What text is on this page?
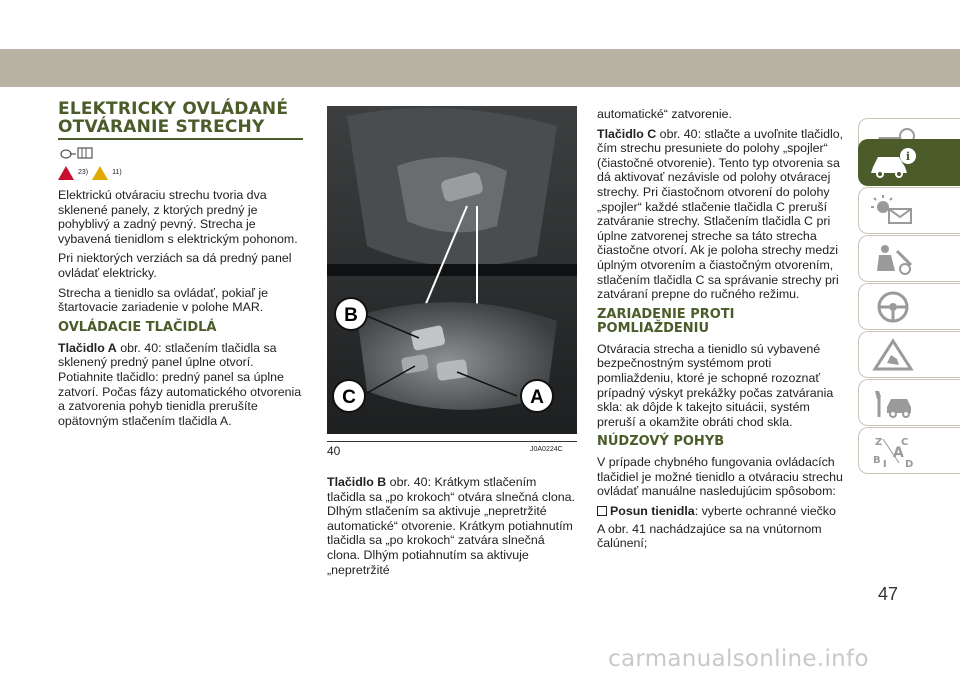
ELEKTRICKY OVLÁDANÉ
OTVÁRANIE STRECHY
23)	11)

Elektrickú otváraciu strechu tvoria dva sklenené panely, z ktorých predný je pohyblivý a zadný pevný. Strecha je vybavená tienidlom s elektrickým pohonom.

Pri niektorých verziách sa dá predný panel ovládať elektricky.

Strecha a tienidlo sa ovládať, pokiaľ je štartovacie zariadenie v polohe MAR.

OVLÁDACIE TLAČIDLÁ

Tlačidlo A obr. 40: stlačením tlačidla sa sklenený predný panel úplne otvorí. Potiahnite tlačidlo: predný panel sa úplne zatvorí. Počas fázy automatického otvorenia a zatvorenia pohyb tienidla prerušíte opätovným stlačením tlačidla A.

B
C	A
40	J0A0224C

Tlačidlo B obr. 40: Krátkym stlačením tlačidla sa „po krokoch“ otvára slnečná clona. Dlhým stlačením sa aktivuje „nepretržité automatické“ otvorenie. Krátkym potiahnutím tlačidla sa „po krokoch“ zatvára slnečná clona. Dlhým potiahnutím sa aktivuje „nepretržité

automatické“ zatvorenie.

Tlačidlo C obr. 40: stlačte a uvoľnite tlačidlo, čím strechu presuniete do polohy „spojler“ (čiastočné otvorenie). Tento typ otvorenia sa dá aktivovať nezávisle od polohy otváracej strechy. Pri čiastočnom otvorení do polohy „spojler“ každé stlačenie tlačidla C preruší zatváranie strechy. Stlačením tlačidla C pri úplne zatvorenej streche sa táto strecha čiastočne otvorí. Ak je poloha strechy medzi úplným otvorením a čiastočným otvorením, stlačením tlačidla C sa správanie strechy pri zatváraní prepne do ručného režimu.

ZARIADENIE PROTI POMLIAŽDENIU

Otváracia strecha a tienidlo sú vybavené bezpečnostným systémom proti pomliaždeniu, ktoré je schopné rozoznať prípadný výskyt prekážky počas zatvárania skla: ak dôjde k takejto situácii, systém preruší a okamžite obráti chod skla.

NÚDZOVÝ POHYB

V prípade chybného fungovania ovládacích tlačidiel je možné tienidlo a otváraciu strechu ovládať manuálne nasledujúcim spôsobom:

Posun tienidla: vyberte ochranné viečko

A obr. 41 nachádzajúce sa na vnútornom čalúnení;

i
Z C
B A
I D
47
carmanualsonline.info
